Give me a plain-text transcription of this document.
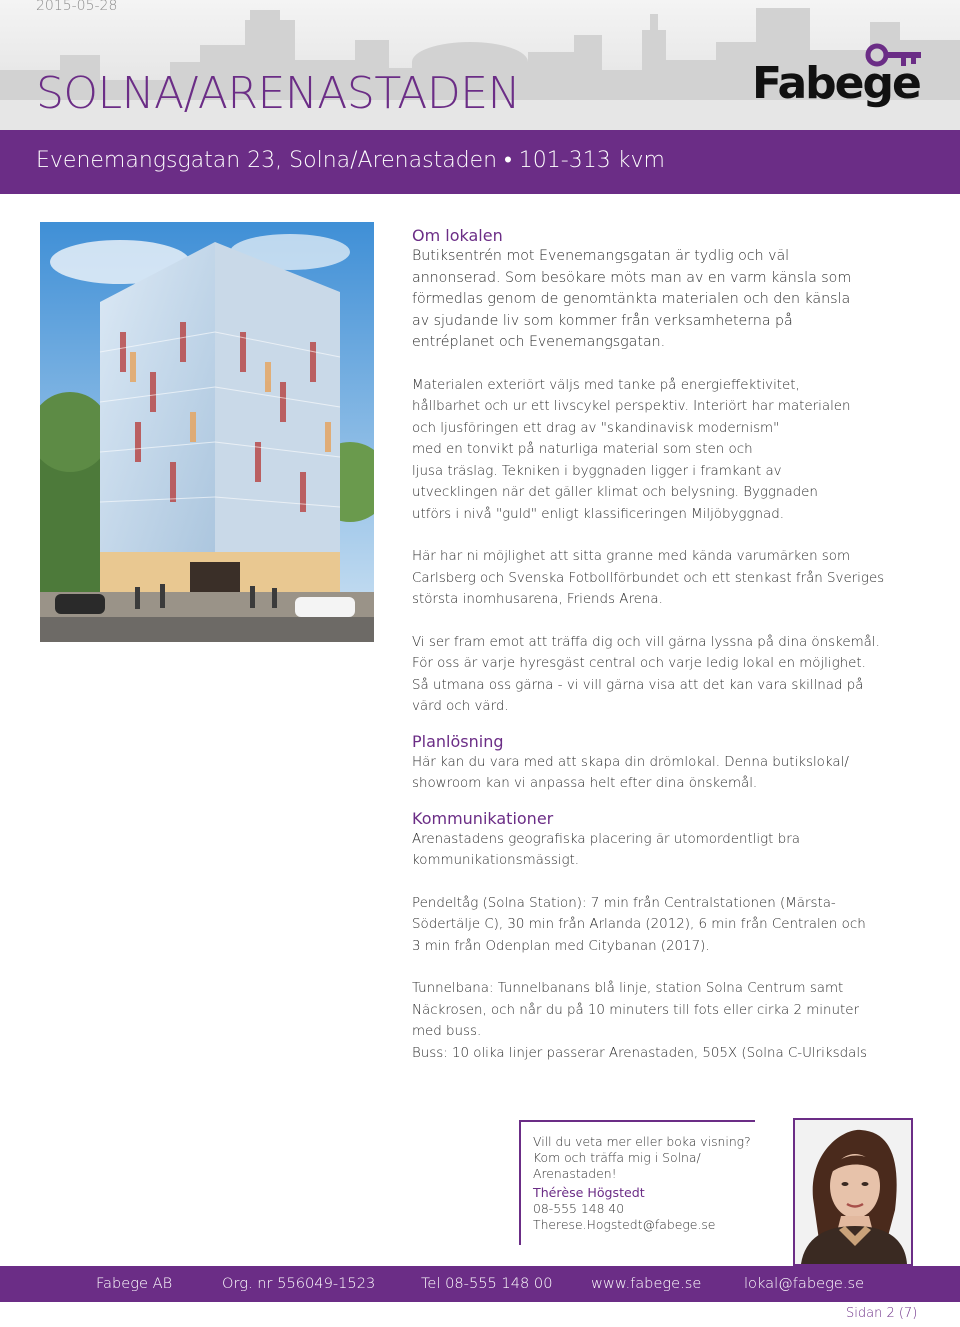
2015-05-28
SOLNA/ARENASTADEN	Fabege
Evenemangsgatan 23, Solna/Arenastaden • 101-313 kvm
Om lokalen
Butiksentrén mot Evenemangsgatan är tydlig och väl
annonserad. Som besökare möts man av en varm känsla som
förmedlas genom de genomtänkta materialen och den känsla
av sjudande liv som kommer från verksamheterna på
entréplanet och Evenemangsgatan.
Materialen exteriört väljs med tanke på energieffektivitet,
hållbarhet och ur ett livscykel perspektiv. Interiört har materialen
och ljusföringen ett drag av "skandinavisk modernism"
med en tonvikt på naturliga material som sten och
ljusa träslag. Tekniken i byggnaden ligger i framkant av
utvecklingen när det gäller klimat och belysning. Byggnaden
utförs i nivå "guld" enligt klassificeringen Miljöbyggnad.
Här har ni möjlighet att sitta granne med kända varumärken som
Carlsberg och Svenska Fotbollförbundet och ett stenkast från Sveriges
största inomhusarena, Friends Arena.
Vi ser fram emot att träffa dig och vill gärna lyssna på dina önskemål.
För oss är varje hyresgäst central och varje ledig lokal en möjlighet.
Så utmana oss gärna - vi vill gärna visa att det kan vara skillnad på
värd och värd.
Planlösning
Här kan du vara med att skapa din drömlokal. Denna butikslokal/
showroom kan vi anpassa helt efter dina önskemål.
Kommunikationer
Arenastadens geografiska placering är utomordentligt bra
kommunikationsmässigt.
Pendeltåg (Solna Station): 7 min från Centralstationen (Märsta-
Södertälje C), 30 min från Arlanda (2012), 6 min från Centralen och
3 min från Odenplan med Citybanan (2017).
Tunnelbana: Tunnelbanans blå linje, station Solna Centrum samt
Näckrosen, och når du på 10 minuters till fots eller cirka 2 minuter
med buss.
Buss: 10 olika linjer passerar Arenastaden, 505X (Solna C-Ulriksdals
Vill du veta mer eller boka visning?
Kom och träffa mig i Solna/
Arenastaden!
Thérèse Högstedt
08-555 148 40
Therese.Hogstedt@fabege.se
Fabege AB	Org. nr 556049-1523	Tel 08-555 148 00	www.fabege.se	lokal@fabege.se
Sidan 2 (7)
